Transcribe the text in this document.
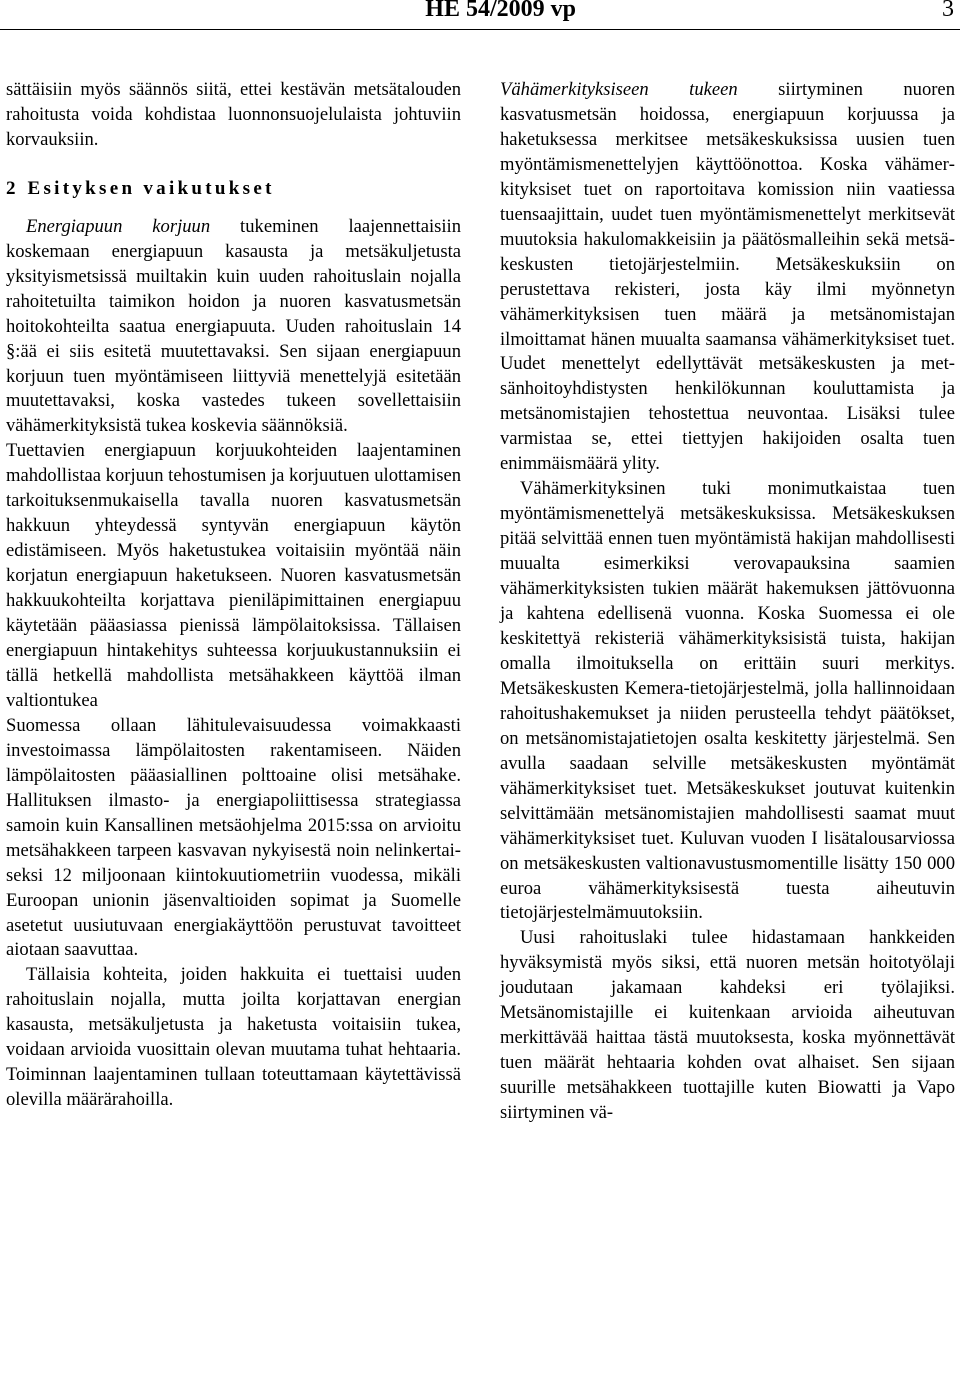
HE 54/2009 vp	3

sättäisiin myös säännös siitä, ettei kestävän metsätalouden rahoitusta voida kohdistaa luonnonsuojelulaista johtuviin korvauksiin.

2 Esityksen vaikutukset

Energiapuun korjuun tukeminen laajennettaisiin koskemaan energiapuun kasausta ja metsäkuljetusta yksityismetsissä muiltakin kuin uuden rahoituslain nojalla rahoitetuilta taimikon hoidon ja nuoren kasvatusmetsän hoitokohteilta saatua energiapuuta. Uuden rahoituslain 14 §:ää ei siis esitetä muutettavaksi. Sen sijaan energiapuun korjuun tuen myöntämiseen liittyviä menettelyjä esitetään muutettavaksi, koska vastedes tukeen sovellettaisiin vähämerkityksistä tukea koskevia säännöksiä.

Tuettavien energiapuun korjuukohteiden laajentaminen mahdollistaa korjuun tehostumisen ja korjuutuen ulottamisen tarkoituksenmukaisella tavalla nuoren kasvatusmetsän hakkuun yhteydessä syntyvän energiapuun käytön edistämiseen. Myös haketustukea voitaisiin myöntää näin korjatun energiapuun haketukseen. Nuoren kasvatusmetsän hakkuukohteilta korjattava pieniläpimittainen energiapuu käytetään pääasiassa pienissä lämpölaitoksissa. Tällaisen energiapuun hintakehitys suhteessa korjuukustannuksiin ei tällä hetkellä mahdollista metsähakkeen käyttöä ilman valtiontukea

Suomessa ollaan lähitulevaisuudessa voimakkaasti investoimassa lämpölaitosten rakentamiseen. Näiden lämpölaitosten pääasiallinen polttoaine olisi metsähake. Hallituksen ilmasto- ja energiapoliittisessa strategiassa samoin kuin Kansallinen metsäohjelma 2015:ssa on arvioitu metsähakkeen tarpeen kasvavan nykyisestä noin nelinkertaiseksi 12 miljoonaan kiintokuutiometriin vuodessa, mikäli Euroopan unionin jäsenvaltioiden sopimat ja Suomelle asetetut uusiutuvaan energiakäyttöön perustuvat tavoitteet aiotaan saavuttaa.

Tällaisia kohteita, joiden hakkuita ei tuettaisi uuden rahoituslain nojalla, mutta joilta korjattavan energian kasausta, metsäkuljetusta ja haketusta voitaisiin tukea, voidaan arvioida vuosittain olevan muutama tuhat hehtaaria. Toiminnan laajentaminen tullaan toteuttamaan käytettävissä olevilla määrärahoilla.

Vähämerkityksiseen tukeen siirtyminen nuoren kasvatusmetsän hoidossa, energiapuun korjuussa ja haketuksessa merkitsee metsäkeskuksissa uusien tuen myöntämismenettelyjen käyttöönottoa. Koska vähämerkityksiset tuet on raportoitava komission niin vaatiessa tuensaajittain, uudet tuen myöntämismenettelyt merkitsevät muutoksia hakulomakkeisiin ja päätösmalleihin sekä metsäkeskusten tietojärjestelmiin. Metsäkeskuksiin on perustettava rekisteri, josta käy ilmi myönnetyn vähämerkityksisen tuen määrä ja metsänomistajan ilmoittamat hänen muualta saamansa vähämerkityksiset tuet. Uudet menettelyt edellyttävät metsäkeskusten ja metsänhoitoyhdistysten henkilökunnan kouluttamista ja metsänomistajien tehostettua neuvontaa. Lisäksi tulee varmistaa se, ettei tiettyjen hakijoiden osalta tuen enimmäismäärä ylity.

Vähämerkityksinen tuki monimutkaistaa tuen myöntämismenettelyä metsäkeskuksissa. Metsäkeskuksen pitää selvittää ennen tuen myöntämistä hakijan mahdollisesti muualta esimerkiksi verovapauksina saamien vähämerkityksisten tukien määrät hakemuksen jättövuonna ja kahtena edellisenä vuonna. Koska Suomessa ei ole keskitettyä rekisteriä vähämerkityksisistä tuista, hakijan omalla ilmoituksella on erittäin suuri merkitys. Metsäkeskusten Kemera-tietojärjestelmä, jolla hallinnoidaan rahoitushakemukset ja niiden perusteella tehdyt päätökset, on metsänomistajatietojen osalta keskitetty järjestelmä. Sen avulla saadaan selville metsäkeskusten myöntämät vähämerkityksiset tuet. Metsäkeskukset joutuvat kuitenkin selvittämään metsänomistajien mahdollisesti saamat muut vähämerkityksiset tuet. Kuluvan vuoden I lisätalousarviossa on metsäkeskusten valtionavustusmomentille lisätty 150 000 euroa vähämerkityksisestä tuesta aiheutuvin tietojärjestelmämuutoksiin.

Uusi rahoituslaki tulee hidastamaan hankkeiden hyväksymistä myös siksi, että nuoren metsän hoitotyölaji joudutaan jakamaan kahdeksi eri työlajiksi. Metsänomistajille ei kuitenkaan arvioida aiheutuvan merkittävää haittaa tästä muutoksesta, koska myönnettävät tuen määrät hehtaaria kohden ovat alhaiset. Sen sijaan suurille metsähakkeen tuottajille kuten Biowatti ja Vapo siirtyminen vä-
